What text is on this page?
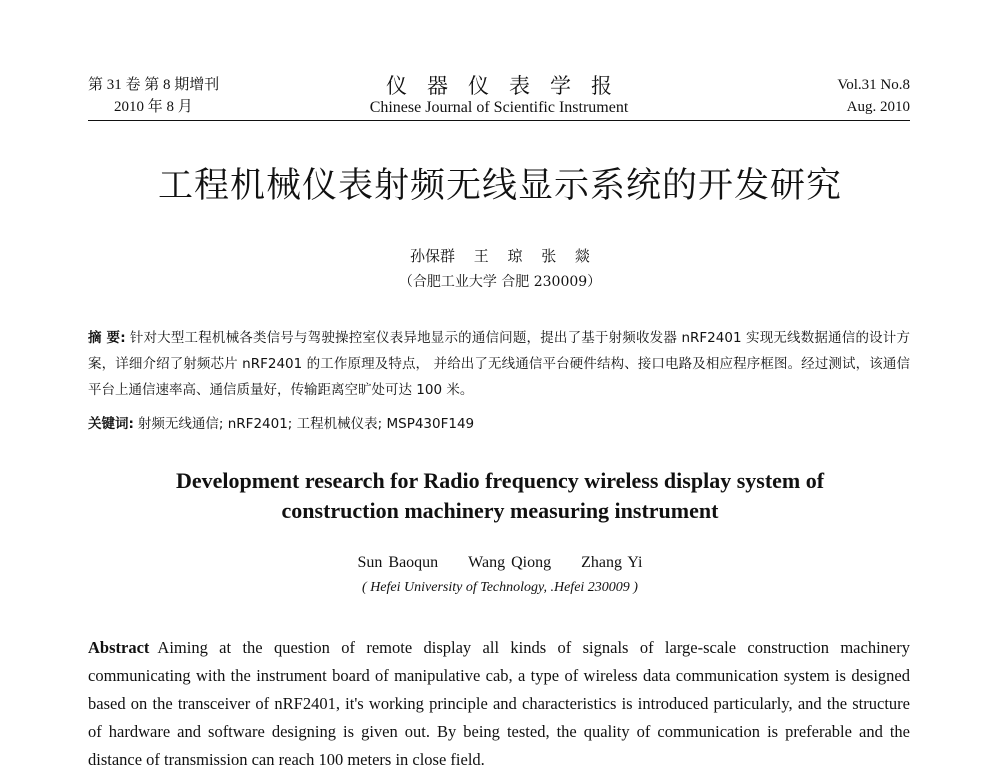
第 31 卷 第 8 期增刊
2010 年 8 月
仪器仪表学报
Chinese Journal of Scientific Instrument
Vol.31 No.8
Aug. 2010
工程机械仪表射频无线显示系统的开发研究
孙保群 王 琼 张 燚
（合肥工业大学 合肥 230009）
摘 要: 针对大型工程机械各类信号与驾驶操控室仪表异地显示的通信问题，提出了基于射频收发器 nRF2401 实现无线数据通信的设计方案，详细介绍了射频芯片 nRF2401 的工作原理及特点， 并给出了无线通信平台硬件结构、接口电路及相应程序框图。经过测试，该通信平台上通信速率高、通信质量好，传输距离空旷处可达 100 米。
关键词: 射频无线通信; nRF2401; 工程机械仪表; MSP430F149
Development research for Radio frequency wireless display system of
construction machinery measuring instrument
Sun Baoqun Wang Qiong Zhang Yi
( Hefei University of Technology, .Hefei 230009 )
Abstract Aiming at the question of remote display all kinds of signals of large-scale construction machinery communicating with the instrument board of manipulative cab, a type of wireless data communication system is designed based on the transceiver of nRF2401, it's working principle and characteristics is introduced particularly, and the structure of hardware and software designing is given out. By being tested, the quality of communication is preferable and the distance of transmission can reach 100 meters in close field.
